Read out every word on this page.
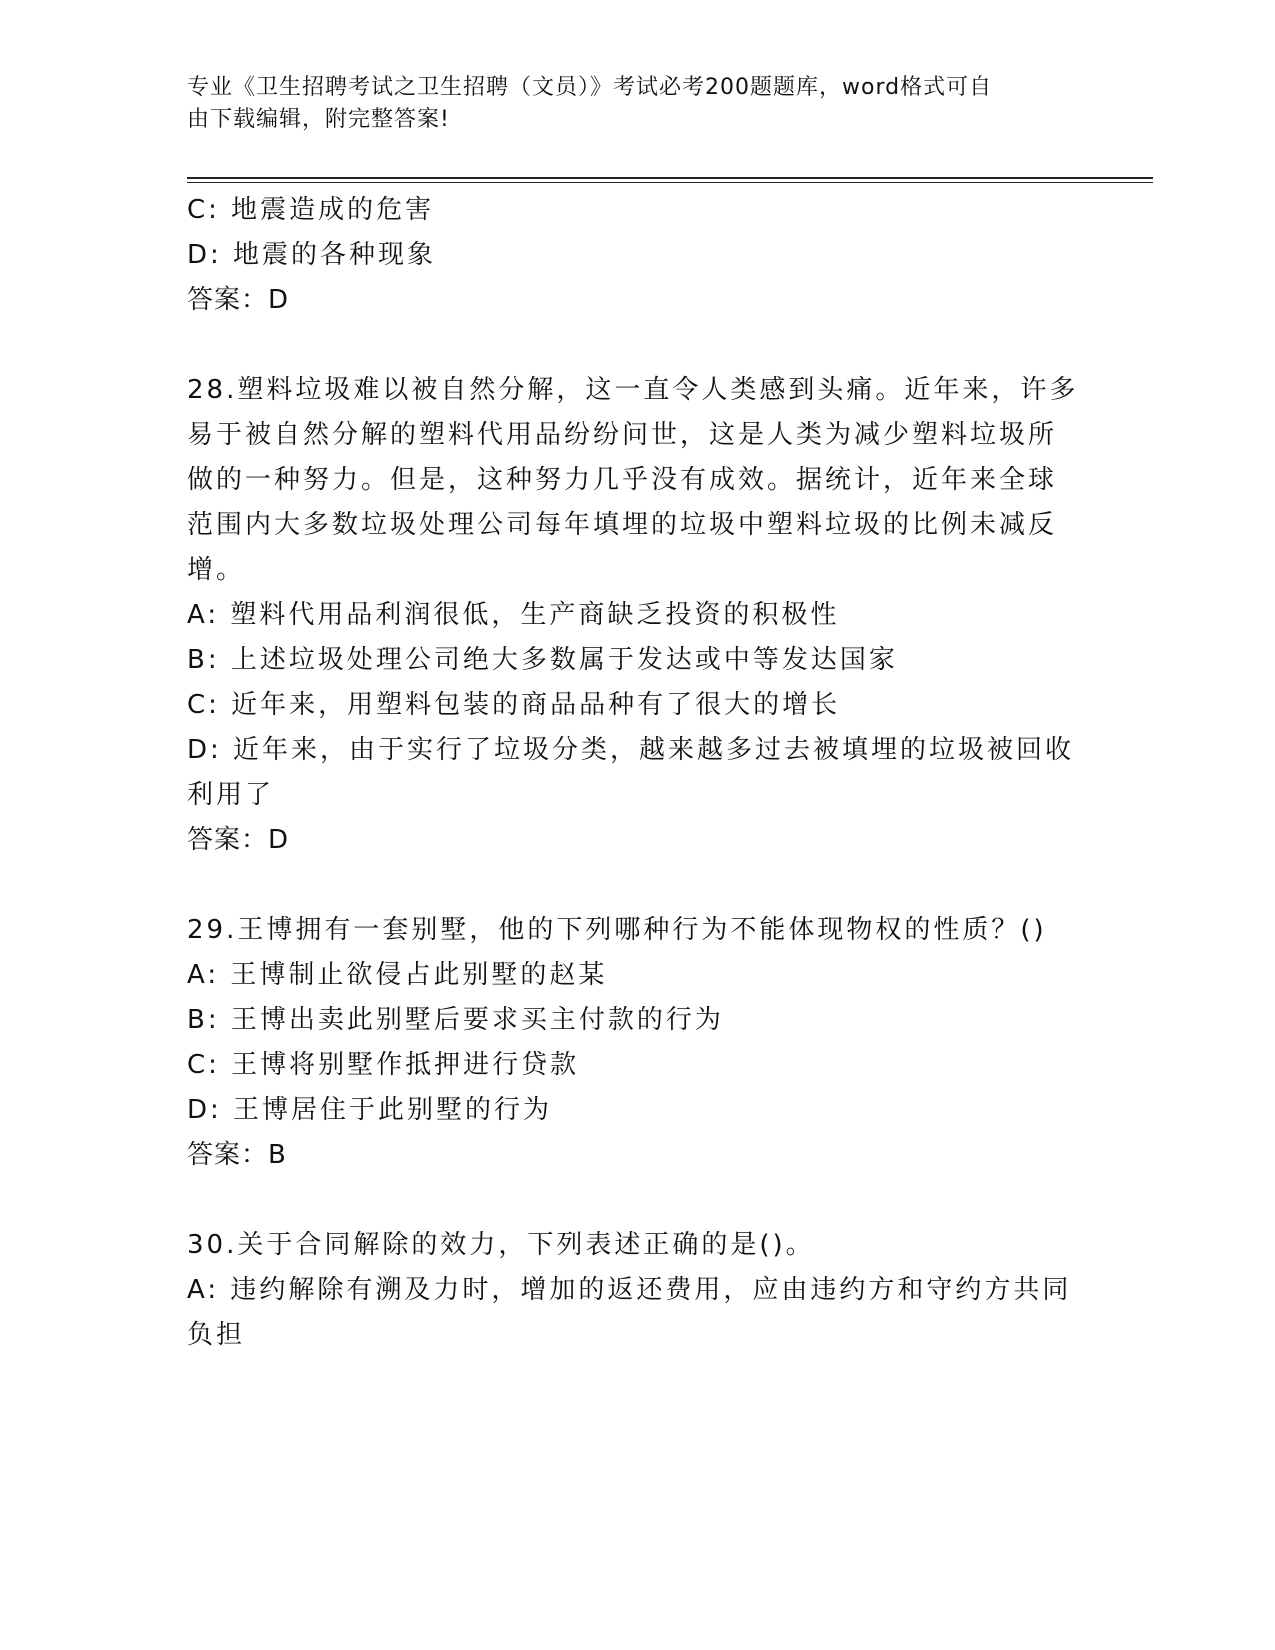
专业《卫生招聘考试之卫生招聘（文员）》考试必考200题题库，word格式可自
由下载编辑，附完整答案!

C: 地震造成的危害

D: 地震的各种现象

答案：D

28.塑料垃圾难以被自然分解，这一直令人类感到头痛。近年来，许多

易于被自然分解的塑料代用品纷纷问世，这是人类为减少塑料垃圾所

做的一种努力。但是，这种努力几乎没有成效。据统计，近年来全球

范围内大多数垃圾处理公司每年填埋的垃圾中塑料垃圾的比例未减反

增。

A: 塑料代用品利润很低，生产商缺乏投资的积极性

B: 上述垃圾处理公司绝大多数属于发达或中等发达国家

C: 近年来，用塑料包装的商品品种有了很大的增长

D: 近年来，由于实行了垃圾分类，越来越多过去被填埋的垃圾被回收

利用了

答案：D

29.王博拥有一套别墅，他的下列哪种行为不能体现物权的性质？()

A: 王博制止欲侵占此别墅的赵某

B: 王博出卖此别墅后要求买主付款的行为

C: 王博将别墅作抵押进行贷款

D: 王博居住于此别墅的行为

答案：B

30.关于合同解除的效力，下列表述正确的是()。

A: 违约解除有溯及力时，增加的返还费用，应由违约方和守约方共同

负担
